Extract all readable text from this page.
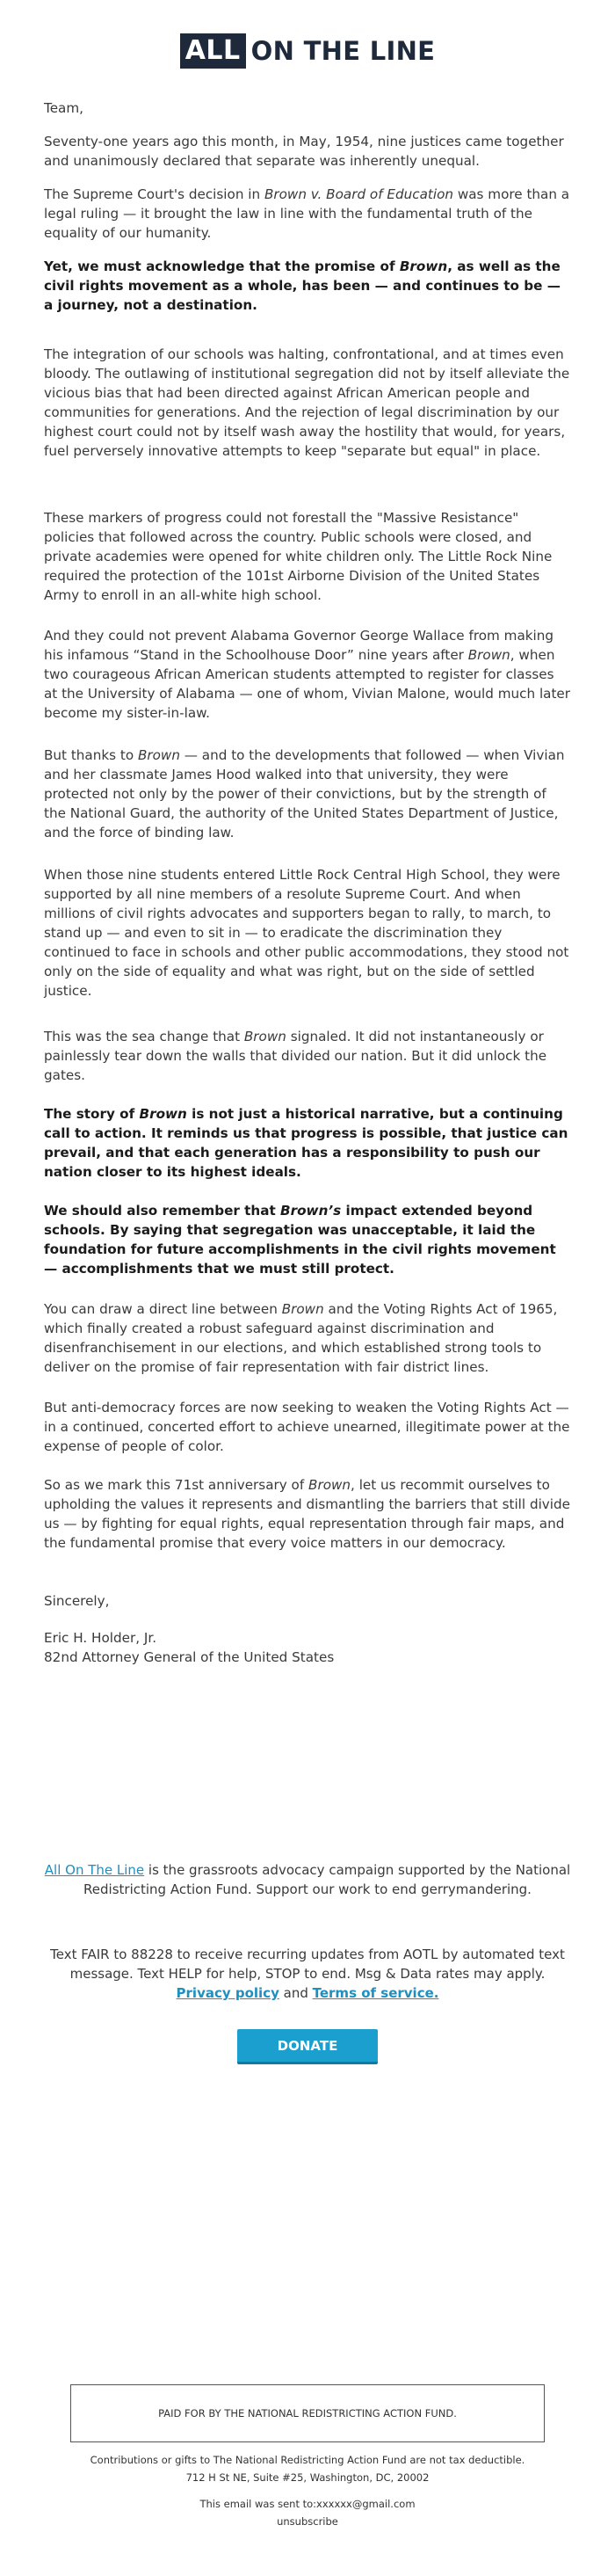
ALL ON THE LINE

Team,

Seventy-one years ago this month, in May, 1954, nine justices came together and unanimously declared that separate was inherently unequal.

The Supreme Court's decision in Brown v. Board of Education was more than a legal ruling — it brought the law in line with the fundamental truth of the equality of our humanity.

Yet, we must acknowledge that the promise of Brown, as well as the civil rights movement as a whole, has been — and continues to be — a journey, not a destination.

The integration of our schools was halting, confrontational, and at times even bloody. The outlawing of institutional segregation did not by itself alleviate the vicious bias that had been directed against African American people and communities for generations. And the rejection of legal discrimination by our highest court could not by itself wash away the hostility that would, for years, fuel perversely innovative attempts to keep "separate but equal" in place.

These markers of progress could not forestall the "Massive Resistance" policies that followed across the country. Public schools were closed, and private academies were opened for white children only. The Little Rock Nine required the protection of the 101st Airborne Division of the United States Army to enroll in an all-white high school.

And they could not prevent Alabama Governor George Wallace from making his infamous “Stand in the Schoolhouse Door” nine years after Brown, when two courageous African American students attempted to register for classes at the University of Alabama — one of whom, Vivian Malone, would much later become my sister-in-law.

But thanks to Brown — and to the developments that followed — when Vivian and her classmate James Hood walked into that university, they were protected not only by the power of their convictions, but by the strength of the National Guard, the authority of the United States Department of Justice, and the force of binding law.

When those nine students entered Little Rock Central High School, they were supported by all nine members of a resolute Supreme Court. And when millions of civil rights advocates and supporters began to rally, to march, to stand up — and even to sit in — to eradicate the discrimination they continued to face in schools and other public accommodations, they stood not only on the side of equality and what was right, but on the side of settled justice.

This was the sea change that Brown signaled. It did not instantaneously or painlessly tear down the walls that divided our nation. But it did unlock the gates.

The story of Brown is not just a historical narrative, but a continuing call to action. It reminds us that progress is possible, that justice can prevail, and that each generation has a responsibility to push our nation closer to its highest ideals.

We should also remember that Brown’s impact extended beyond schools. By saying that segregation was unacceptable, it laid the foundation for future accomplishments in the civil rights movement — accomplishments that we must still protect.

You can draw a direct line between Brown and the Voting Rights Act of 1965, which finally created a robust safeguard against discrimination and disenfranchisement in our elections, and which established strong tools to deliver on the promise of fair representation with fair district lines.

But anti-democracy forces are now seeking to weaken the Voting Rights Act — in a continued, concerted effort to achieve unearned, illegitimate power at the expense of people of color.

So as we mark this 71st anniversary of Brown, let us recommit ourselves to upholding the values it represents and dismantling the barriers that still divide us — by fighting for equal rights, equal representation through fair maps, and the fundamental promise that every voice matters in our democracy.

Sincerely,

Eric H. Holder, Jr.

82nd Attorney General of the United States

All On The Line is the grassroots advocacy campaign supported by the National Redistricting Action Fund. Support our work to end gerrymandering.
Text FAIR to 88228 to receive recurring updates from AOTL by automated text message. Text HELP for help, STOP to end. Msg & Data rates may apply. Privacy policy and Terms of service.
DONATE
PAID FOR BY THE NATIONAL REDISTRICTING ACTION FUND.
Contributions or gifts to The National Redistricting Action Fund are not tax deductible.
712 H St NE, Suite #25, Washington, DC, 20002
This email was sent to:xxxxxx@gmail.com
unsubscribe
